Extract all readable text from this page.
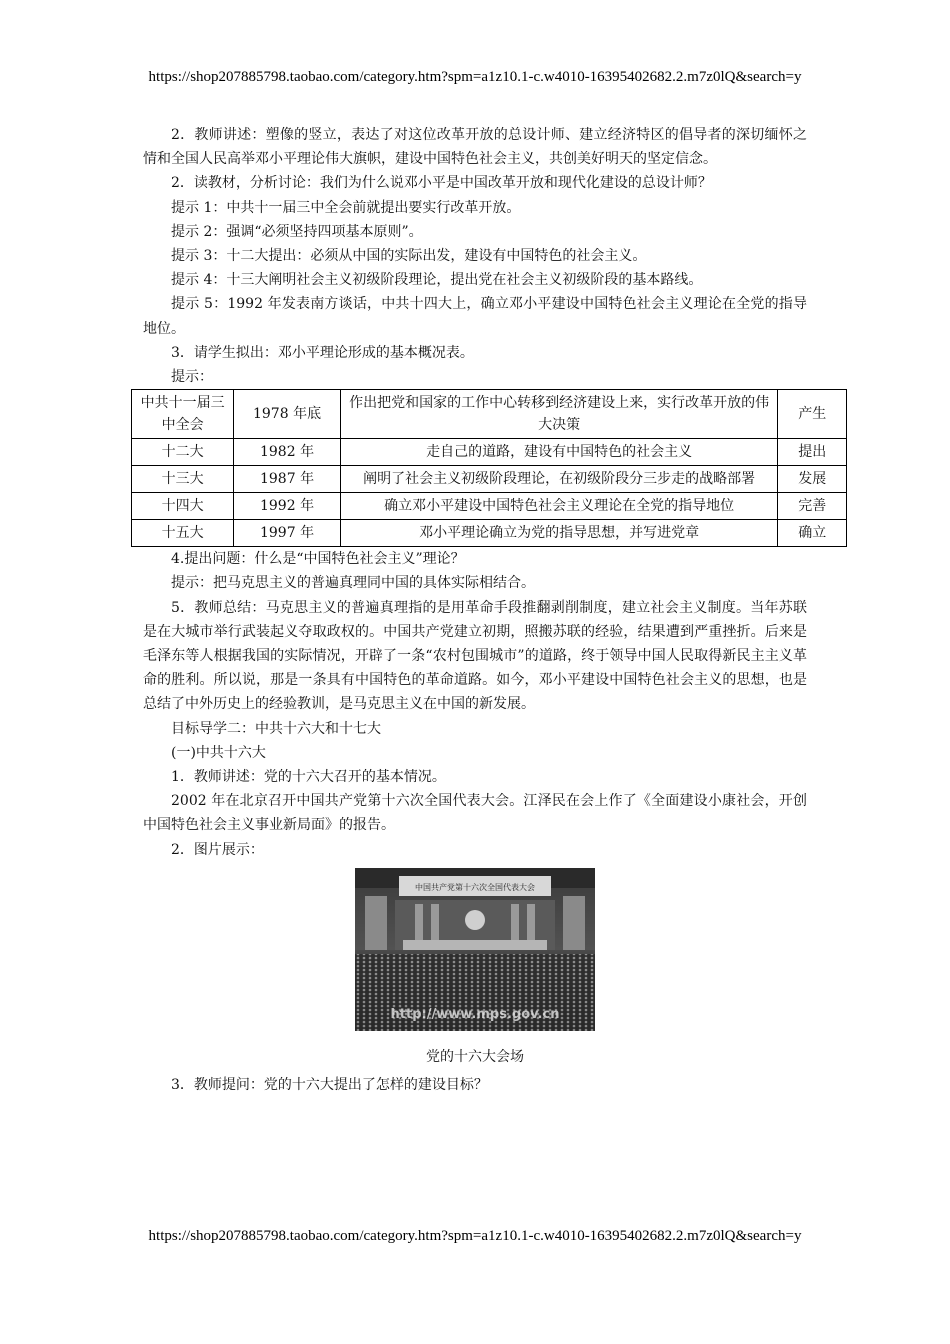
https://shop207885798.taobao.com/category.htm?spm=a1z10.1-c.w4010-16395402682.2.m7z0lQ&search=y

2．教师讲述：塑像的竖立，表达了对这位改革开放的总设计师、建立经济特区的倡导者的深切缅怀之情和全国人民高举邓小平理论伟大旗帜，建设中国特色社会主义，共创美好明天的坚定信念。

2．读教材，分析讨论：我们为什么说邓小平是中国改革开放和现代化建设的总设计师？

提示 1：中共十一届三中全会前就提出要实行改革开放。

提示 2：强调“必须坚持四项基本原则”。

提示 3：十二大提出：必须从中国的实际出发，建设有中国特色的社会主义。

提示 4：十三大阐明社会主义初级阶段理论，提出党在社会主义初级阶段的基本路线。

提示 5：1992 年发表南方谈话，中共十四大上，确立邓小平建设中国特色社会主义理论在全党的指导地位。

3．请学生拟出：邓小平理论形成的基本概况表。

提示：

中共十一届三中全会	1978 年底	作出把党和国家的工作中心转移到经济建设上来，实行改革开放的伟大决策	产生
十二大	1982 年	走自己的道路，建设有中国特色的社会主义	提出
十三大	1987 年	阐明了社会主义初级阶段理论，在初级阶段分三步走的战略部署	发展
十四大	1992 年	确立邓小平建设中国特色社会主义理论在全党的指导地位	完善
十五大	1997 年	邓小平理论确立为党的指导思想，并写进党章	确立

4.提出问题：什么是“中国特色社会主义”理论？

提示：把马克思主义的普遍真理同中国的具体实际相结合。

5．教师总结：马克思主义的普遍真理指的是用革命手段推翻剥削制度，建立社会主义制度。当年苏联是在大城市举行武装起义夺取政权的。中国共产党建立初期，照搬苏联的经验，结果遭到严重挫折。后来是毛泽东等人根据我国的实际情况，开辟了一条“农村包围城市”的道路，终于领导中国人民取得新民主主义革命的胜利。所以说，那是一条具有中国特色的革命道路。如今，邓小平建设中国特色社会主义的思想，也是总结了中外历史上的经验教训，是马克思主义在中国的新发展。

目标导学二：中共十六大和十七大

(一)中共十六大

1．教师讲述：党的十六大召开的基本情况。

2002 年在北京召开中国共产党第十六次全国代表大会。江泽民在会上作了《全面建设小康社会，开创中国特色社会主义事业新局面》的报告。

2．图片展示：

中国共产党第十六次全国代表大会
http://www.mps.gov.cn
党的十六大会场

3．教师提问：党的十六大提出了怎样的建设目标？

https://shop207885798.taobao.com/category.htm?spm=a1z10.1-c.w4010-16395402682.2.m7z0lQ&search=y
